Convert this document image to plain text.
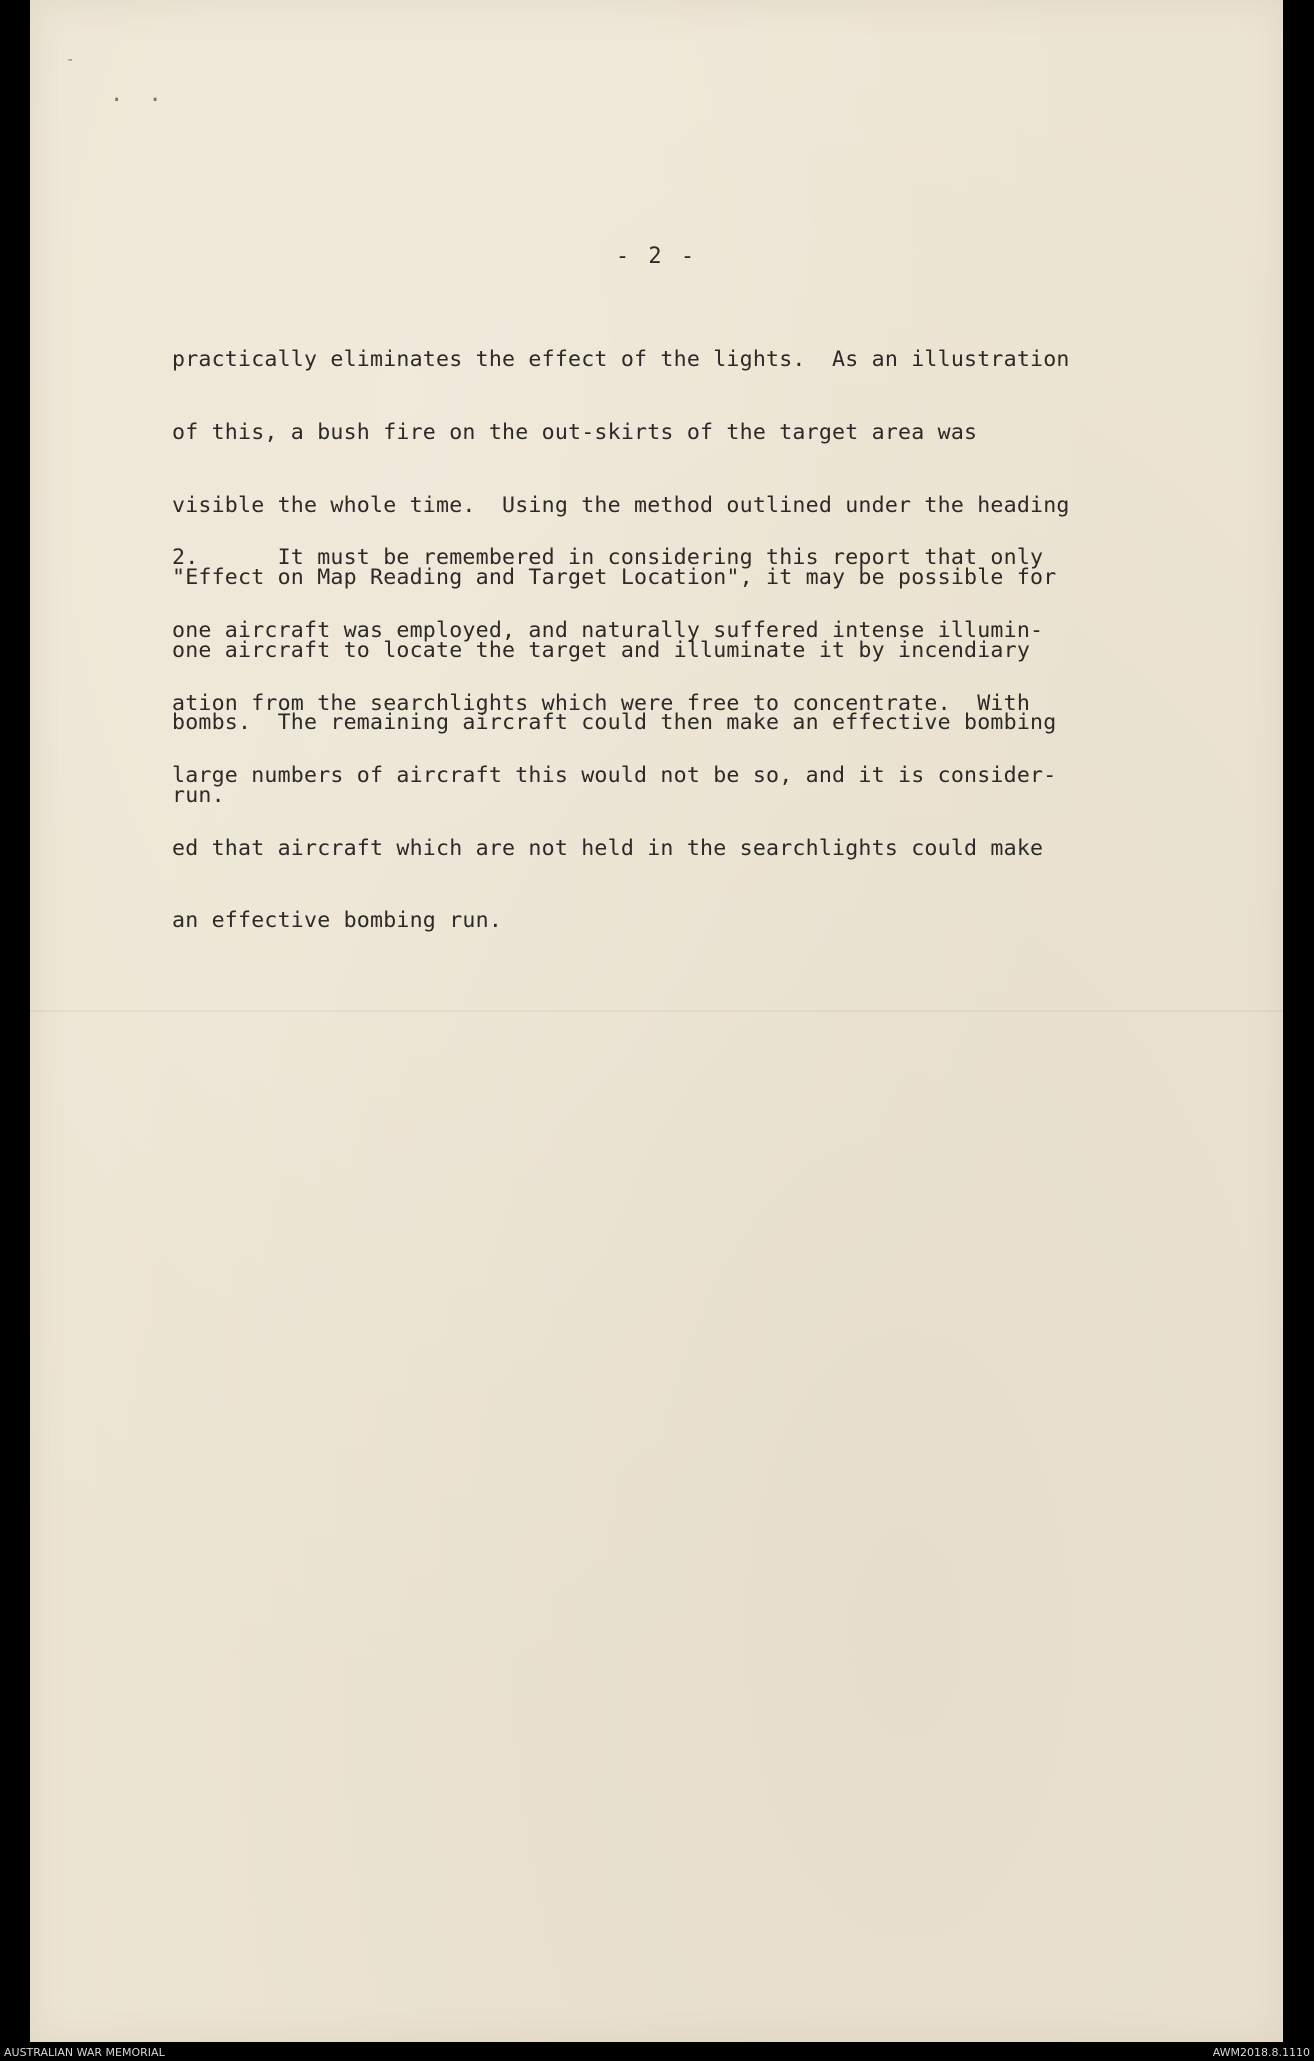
· ·
-
- 2 -

practically eliminates the effect of the lights.  As an illustration

of this, a bush fire on the out-skirts of the target area was

visible the whole time.  Using the method outlined under the heading

"Effect on Map Reading and Target Location", it may be possible for

one aircraft to locate the target and illuminate it by incendiary

bombs.  The remaining aircraft could then make an effective bombing

run.

2.      It must be remembered in considering this report that only

one aircraft was employed, and naturally suffered intense illumin-

ation from the searchlights which were free to concentrate.  With

large numbers of aircraft this would not be so, and it is consider-

ed that aircraft which are not held in the searchlights could make

an effective bombing run.

AUSTRALIAN WAR MEMORIAL	AWM2018.8.1110
